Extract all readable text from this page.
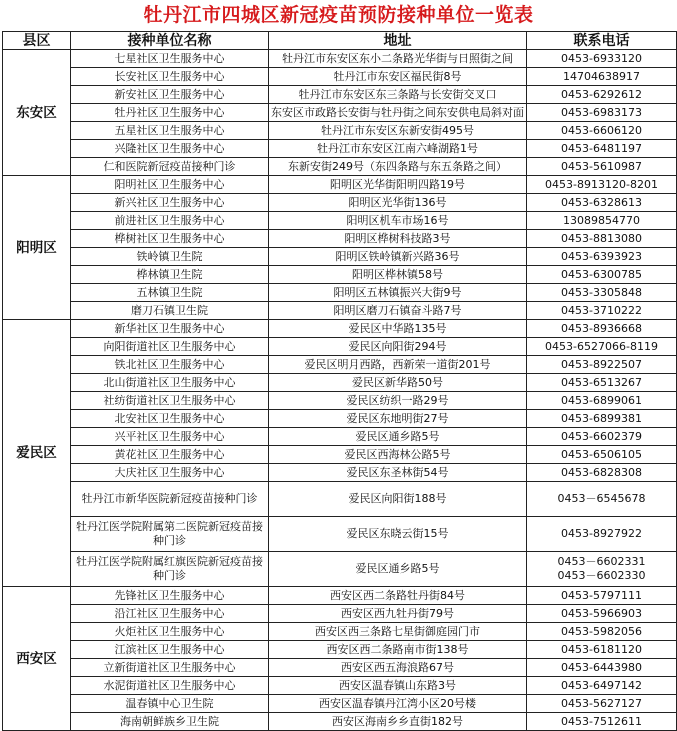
牡丹江市四城区新冠疫苗预防接种单位一览表
县区	接种单位名称	地址	联系电话
东安区	七星社区卫生服务中心	牡丹江市东安区东小二条路光华街与日照街之间	0453-6933120
	长安社区卫生服务中心	牡丹江市东安区福民街8号	14704638917
	新安社区卫生服务中心	牡丹江市东安区东三条路与长安街交叉口	0453-6292612
	牡丹社区卫生服务中心	东安区市政路长安街与牡丹街之间东安供电局斜对面	0453-6983173
	五星社区卫生服务中心	牡丹江市东安区东新安街495号	0453-6606120
	兴隆社区卫生服务中心	牡丹江市东安区江南六峰湖路1号	0453-6481197
	仁和医院新冠疫苗接种门诊	东新安街249号（东四条路与东五条路之间）	0453-5610987
阳明区	阳明社区卫生服务中心	阳明区光华街阳明四路19号	0453-8913120-8201
	新兴社区卫生服务中心	阳明区光华街136号	0453-6328613
	前进社区卫生服务中心	阳明区机车市场16号	13089854770
	桦树社区卫生服务中心	阳明区桦树科技路3号	0453-8813080
	铁岭镇卫生院	阳明区铁岭镇新兴路36号	0453-6393923
	桦林镇卫生院	阳明区桦林镇58号	0453-6300785
	五林镇卫生院	阳明区五林镇振兴大街9号	0453-3305848
	磨刀石镇卫生院	阳明区磨刀石镇奋斗路7号	0453-3710222
爱民区	新华社区卫生服务中心	爱民区中华路135号	0453-8936668
	向阳街道社区卫生服务中心	爱民区向阳街294号	0453-6527066-8119
	铁北社区卫生服务中心	爱民区明月西路，西新荣一道街201号	0453-8922507
	北山街道社区卫生服务中心	爱民区新华路50号	0453-6513267
	社纺街道社区卫生服务中心	爱民区纺织一路29号	0453-6899061
	北安社区卫生服务中心	爱民区东地明街27号	0453-6899381
	兴平社区卫生服务中心	爱民区通乡路5号	0453-6602379
	黄花社区卫生服务中心	爱民区西海林公路5号	0453-6506105
	大庆社区卫生服务中心	爱民区东圣林街54号	0453-6828308
	牡丹江市新华医院新冠疫苗接种门诊	爱民区向阳街188号	0453－6545678
	牡丹江医学院附属第二医院新冠疫苗接种门诊	爱民区东晓云街15号	0453-8927922
	牡丹江医学院附属红旗医院新冠疫苗接种门诊	爱民区通乡路5号	0453－6602331
0453－6602330

西安区	先锋社区卫生服务中心	西安区西二条路牡丹街84号	0453-5797111
	沿江社区卫生服务中心	西安区西九牡丹街79号	0453-5966903
	火炬社区卫生服务中心	西安区西三条路七星街御庭园门市	0453-5982056
	江滨社区卫生服务中心	西安区西二条路南市街138号	0453-6181120
	立新街道社区卫生服务中心	西安区西五海浪路67号	0453-6443980
	水泥街道社区卫生服务中心	西安区温春镇山东路3号	0453-6497142
	温春镇中心卫生院	西安区温春镇丹江湾小区20号楼	0453-5627127
	海南朝鲜族乡卫生院	西安区海南乡乡直街182号	0453-7512611
